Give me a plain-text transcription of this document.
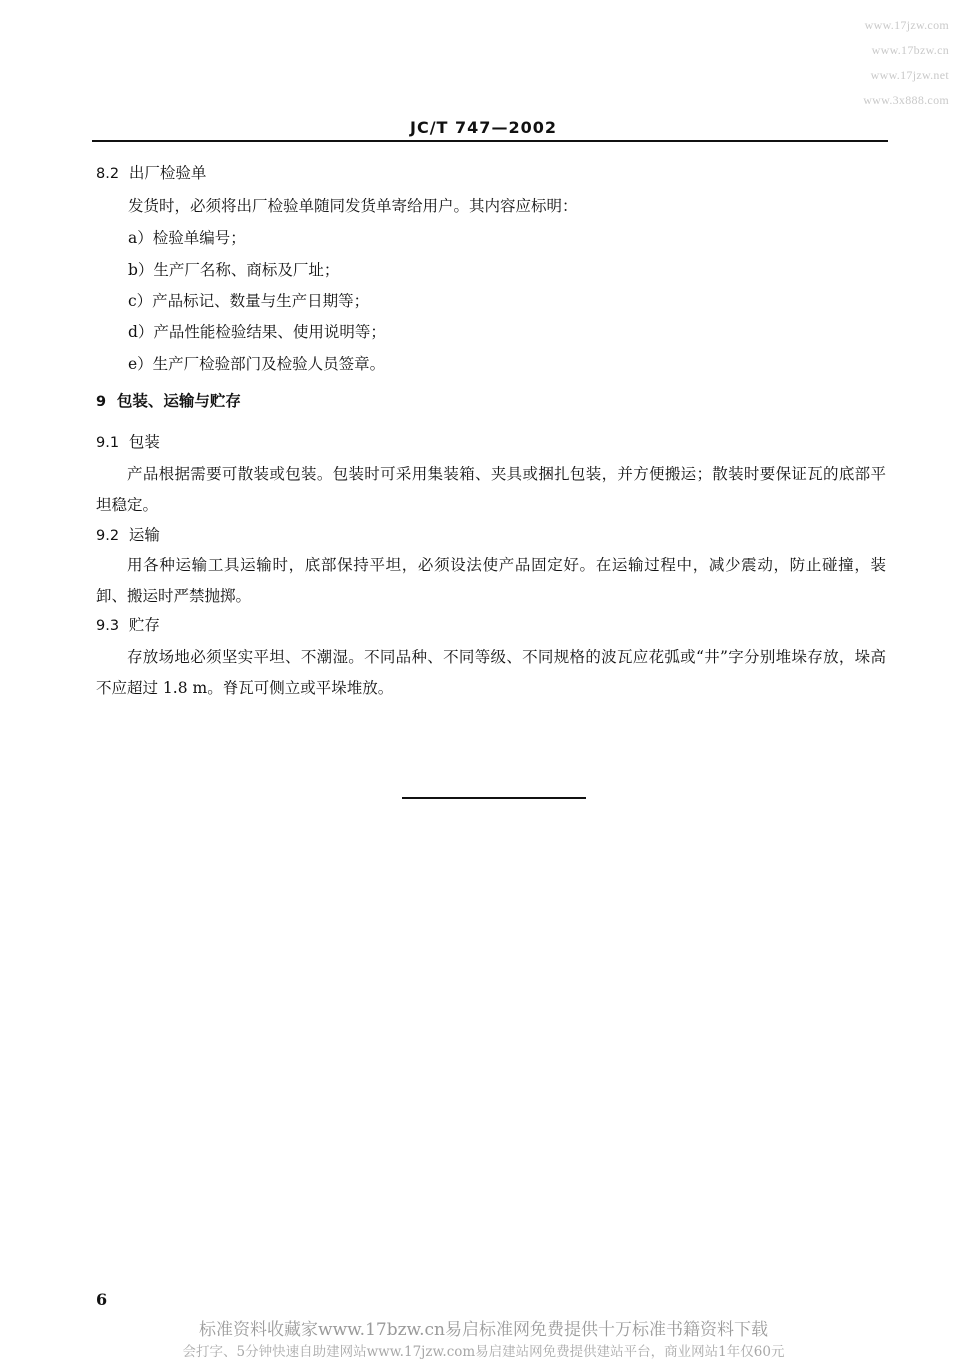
www.17jzw.com
www.17bzw.cn
www.17jzw.net
www.3x888.com
JC/T 747—2002
8.2 出厂检验单
发货时，必须将出厂检验单随同发货单寄给用户。其内容应标明：
a）检验单编号；
b）生产厂名称、商标及厂址；
c）产品标记、数量与生产日期等；
d）产品性能检验结果、使用说明等；
e）生产厂检验部门及检验人员签章。
9 包装、运输与贮存
9.1 包装

产品根据需要可散装或包装。包装时可采用集装箱、夹具或捆扎包装，并方便搬运；散装时要保证瓦的底部平坦稳定。

9.2 运输

用各种运输工具运输时，底部保持平坦，必须设法使产品固定好。在运输过程中，减少震动，防止碰撞，装卸、搬运时严禁抛掷。

9.3 贮存

存放场地必须坚实平坦、不潮湿。不同品种、不同等级、不同规格的波瓦应花弧或“井”字分别堆垛存放，垛高不应超过 1.8 m。脊瓦可侧立或平垛堆放。

6
标准资料收藏家www.17bzw.cn易启标准网免费提供十万标准书籍资料下载
会打字、5分钟快速自助建网站www.17jzw.com易启建站网免费提供建站平台，商业网站1年仅60元
